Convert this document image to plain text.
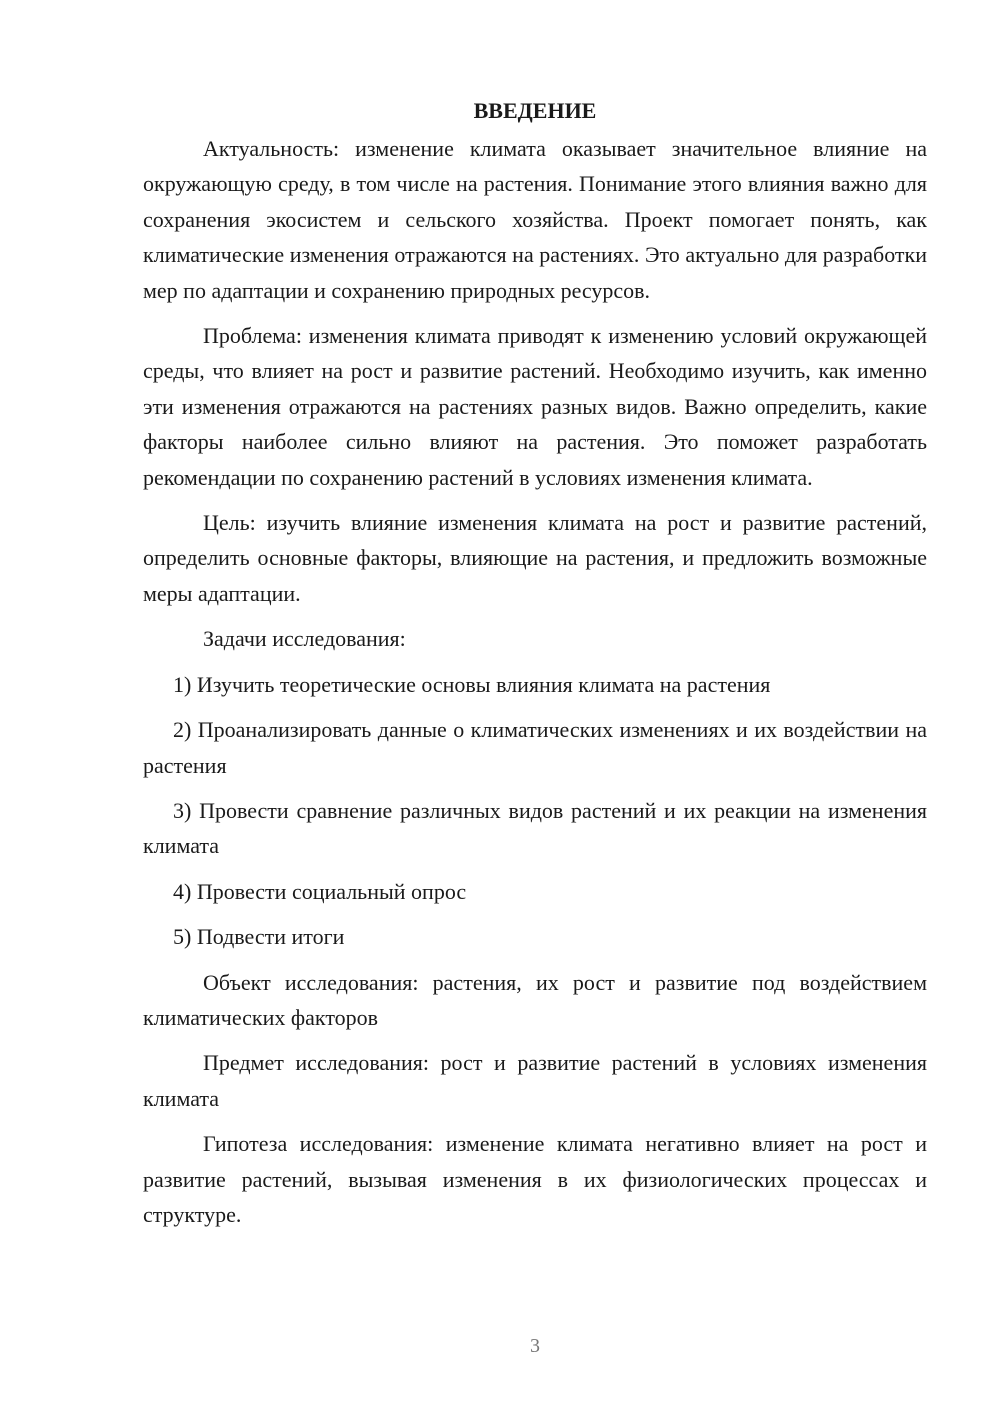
ВВЕДЕНИЕ

Актуальность: изменение климата оказывает значительное влияние на окружающую среду, в том числе на растения. Понимание этого влияния важно для сохранения экосистем и сельского хозяйства. Проект помогает понять, как климатические изменения отражаются на растениях. Это актуально для разработки мер по адаптации и сохранению природных ресурсов.

Проблема: изменения климата приводят к изменению условий окружающей среды, что влияет на рост и развитие растений. Необходимо изучить, как именно эти изменения отражаются на растениях разных видов. Важно определить, какие факторы наиболее сильно влияют на растения. Это поможет разработать рекомендации по сохранению растений в условиях изменения климата.

Цель: изучить влияние изменения климата на рост и развитие растений, определить основные факторы, влияющие на растения, и предложить возможные меры адаптации.

Задачи исследования:

1) Изучить теоретические основы влияния климата на растения

2) Проанализировать данные о климатических изменениях и их воздействии на растения

3) Провести сравнение различных видов растений и их реакции на изменения климата

4) Провести социальный опрос

5) Подвести итоги

Объект исследования: растения, их рост и развитие под воздействием климатических факторов

Предмет исследования: рост и развитие растений в условиях изменения климата

Гипотеза исследования: изменение климата негативно влияет на рост и развитие растений, вызывая изменения в их физиологических процессах и структуре.

3
